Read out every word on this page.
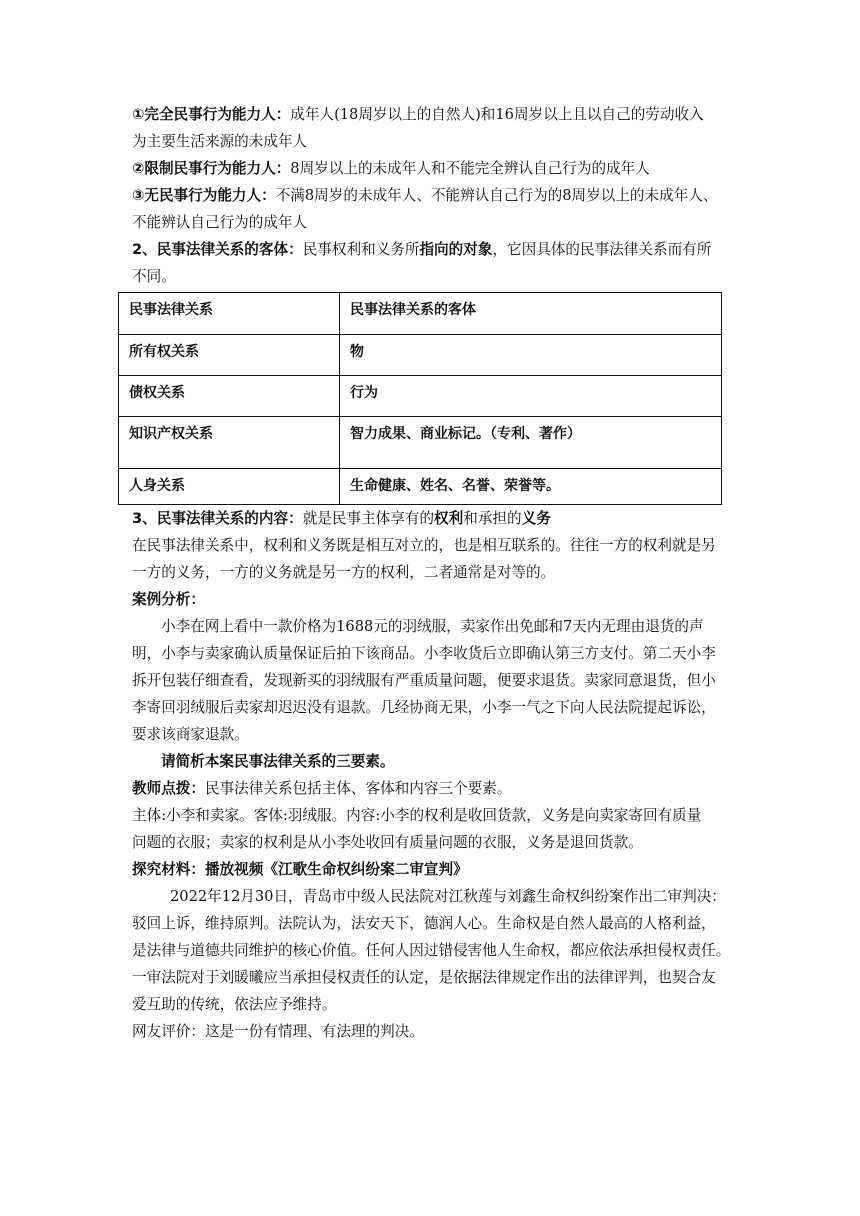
①完全民事行为能力人：成年人(18周岁以上的自然人)和16周岁以上且以自己的劳动收入

为主要生活来源的未成年人

②限制民事行为能力人：8周岁以上的未成年人和不能完全辨认自己行为的成年人

③无民事行为能力人：不满8周岁的未成年人、不能辨认自己行为的8周岁以上的未成年人、

不能辨认自己行为的成年人

2、民事法律关系的客体：民事权利和义务所指向的对象，它因具体的民事法律关系而有所

不同。

民事法律关系	民事法律关系的客体
所有权关系	物
债权关系	行为
知识产权关系	智力成果、商业标记。（专利、著作）
人身关系	生命健康、姓名、名誉、荣誉等。

3、民事法律关系的内容：就是民事主体享有的权利和承担的义务

在民事法律关系中，权利和义务既是相互对立的，也是相互联系的。往往一方的权利就是另

一方的义务，一方的义务就是另一方的权利，二者通常是对等的。

案例分析：

小李在网上看中一款价格为1688元的羽绒服，卖家作出免邮和7天内无理由退货的声

明，小李与卖家确认质量保证后拍下该商品。小李收货后立即确认第三方支付。第二天小李

拆开包装仔细查看，发现新买的羽绒服有严重质量问题，便要求退货。卖家同意退货，但小

李寄回羽绒服后卖家却迟迟没有退款。几经协商无果，小李一气之下向人民法院提起诉讼，

要求该商家退款。

请简析本案民事法律关系的三要素。

教师点拨：民事法律关系包括主体、客体和内容三个要素。

主体:小李和卖家。客体:羽绒服。内容:小李的权利是收回货款，义务是向卖家寄回有质量

问题的衣服；卖家的权利是从小李处收回有质量问题的衣服，义务是退回货款。

探究材料：播放视频《江歌生命权纠纷案二审宣判》

2022年12月30日，青岛市中级人民法院对江秋莲与刘鑫生命权纠纷案作出二审判决：

驳回上诉，维持原判。法院认为，法安天下，德润人心。生命权是自然人最高的人格利益，

是法律与道德共同维护的核心价值。任何人因过错侵害他人生命权，都应依法承担侵权责任。

一审法院对于刘暖曦应当承担侵权责任的认定，是依据法律规定作出的法律评判，也契合友

爱互助的传统，依法应予维持。

网友评价：这是一份有情理、有法理的判决。
